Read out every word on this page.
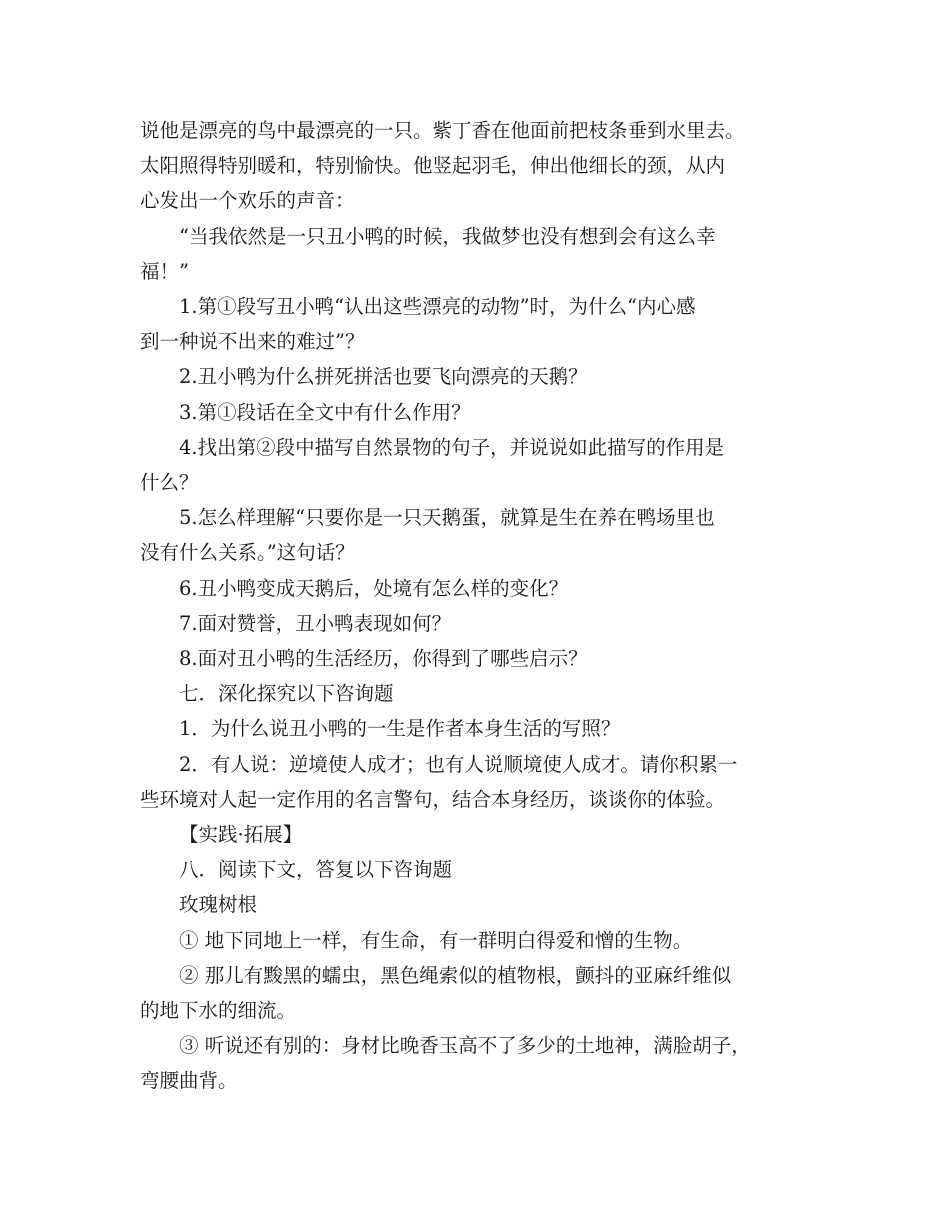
说他是漂亮的鸟中最漂亮的一只。紫丁香在他面前把枝条垂到水里去。

太阳照得特别暖和，特别愉快。他竖起羽毛，伸出他细长的颈，从内

心发出一个欢乐的声音：

“当我依然是一只丑小鸭的时候，我做梦也没有想到会有这么幸

福！”

1.第①段写丑小鸭“认出这些漂亮的动物”时，为什么“内心感

到一种说不出来的难过”？

2.丑小鸭为什么拼死拼活也要飞向漂亮的天鹅？

3.第①段话在全文中有什么作用？

4.找出第②段中描写自然景物的句子，并说说如此描写的作用是

什么？

5.怎么样理解“只要你是一只天鹅蛋，就算是生在养在鸭场里也

没有什么关系。”这句话？

6.丑小鸭变成天鹅后，处境有怎么样的变化？

7.面对赞誉，丑小鸭表现如何？

8.面对丑小鸭的生活经历，你得到了哪些启示？

七．深化探究以下咨询题

1．为什么说丑小鸭的一生是作者本身生活的写照？

2．有人说：逆境使人成才；也有人说顺境使人成才。请你积累一

些环境对人起一定作用的名言警句，结合本身经历，谈谈你的体验。

【实践·拓展】

八．阅读下文，答复以下咨询题

玫瑰树根

① 地下同地上一样，有生命，有一群明白得爱和憎的生物。

② 那儿有黢黑的蠕虫，黑色绳索似的植物根，颤抖的亚麻纤维似

的地下水的细流。

③ 听说还有别的：身材比晚香玉高不了多少的土地神，满脸胡子，

弯腰曲背。
